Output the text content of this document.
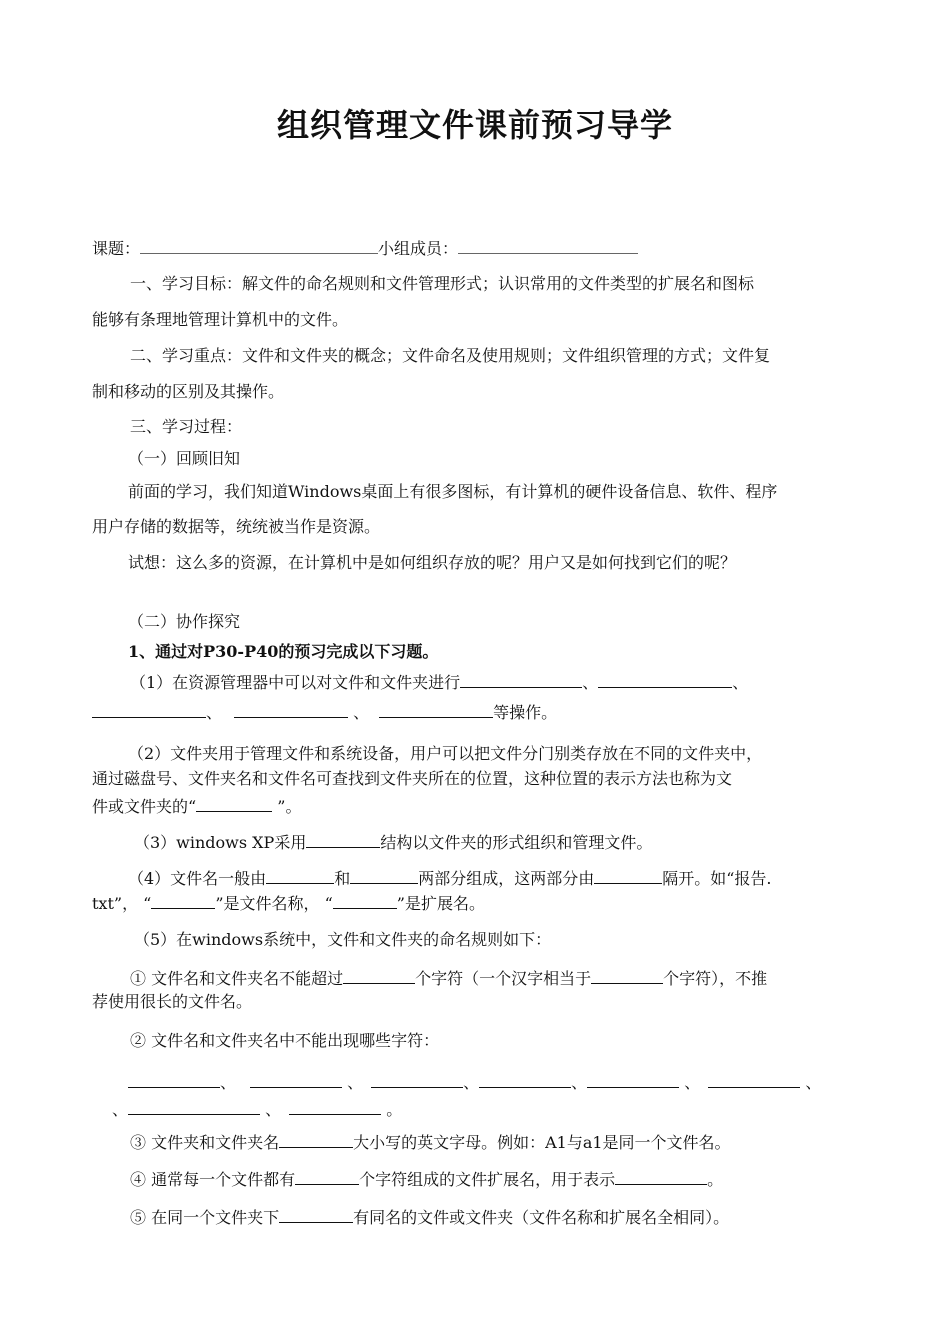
组织管理文件课前预习导学
课题：	小组成员：
一、学习目标：解文件的命名规则和文件管理形式；认识常用的文件类型的扩展名和图标
能够有条理地管理计算机中的文件。
二、学习重点：文件和文件夹的概念；文件命名及使用规则；文件组织管理的方式；文件复
制和移动的区别及其操作。
三、学习过程：
（一）回顾旧知
前面的学习，我们知道Windows桌面上有很多图标，有计算机的硬件设备信息、软件、程序
用户存储的数据等，统统被当作是资源。
试想：这么多的资源，在计算机中是如何组织存放的呢？用户又是如何找到它们的呢？
（二）协作探究
1、通过对P30-P40的预习完成以下习题。
（1）在资源管理器中可以对文件和文件夹进行	、	、
、	、	等操作。
（2）文件夹用于管理文件和系统设备，用户可以把文件分门别类存放在不同的文件夹中，
通过磁盘号、文件夹名和文件名可查找到文件夹所在的位置，这种位置的表示方法也称为文
件或文件夹的“	”。
（3）windows XP采用	结构以文件夹的形式组织和管理文件。
（4）文件名一般由	和	两部分组成，这两部分由	隔开。如“报告.
txt”， “	”是文件名称， “	”是扩展名。
（5）在windows系统中，文件和文件夹的命名规则如下：
① 文件名和文件夹名不能超过	个字符（一个汉字相当于	个字符），不推
荐使用很长的文件名。
② 文件名和文件夹名中不能出现哪些字符：
、	、	、	、	、	、
、	、	。
③ 文件夹和文件夹名	大小写的英文字母。例如：A1与a1是同一个文件名。
④ 通常每一个文件都有	个字符组成的文件扩展名，用于表示	。
⑤ 在同一个文件夹下	有同名的文件或文件夹（文件名称和扩展名全相同）。
